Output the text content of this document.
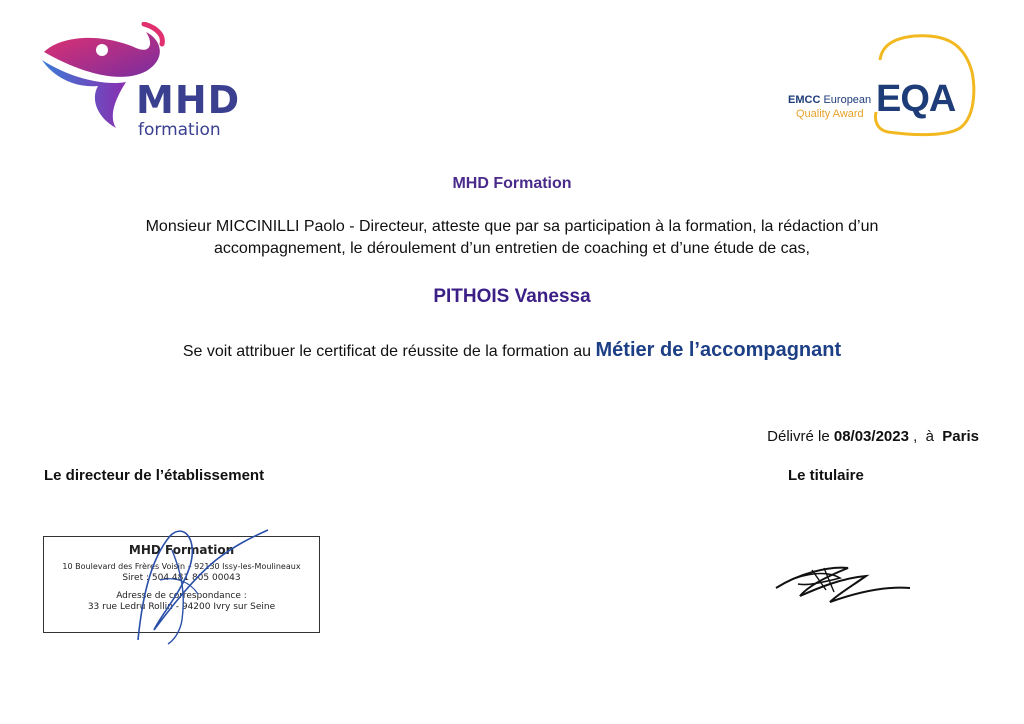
MHD
formation
EMCC European
Quality Award EQA
MHD Formation
Monsieur MICCINILLI Paolo - Directeur, atteste que par sa participation à la formation, la rédaction d’un accompagnement, le déroulement d’un entretien de coaching et d’une étude de cas,
PITHOIS Vanessa
Se voit attribuer le certificat de réussite de la formation au Métier de l’accompagnant
Délivré le 08/03/2023 ,  à Paris
Le directeur de l’établissement	Le titulaire
MHD Formation
10 Boulevard des Frères Voisin – 92130 Issy-les-Moulineaux
Siret : 504 481 805 00043
Adresse de correspondance :
33 rue Ledru Rollin - 94200 Ivry sur Seine
